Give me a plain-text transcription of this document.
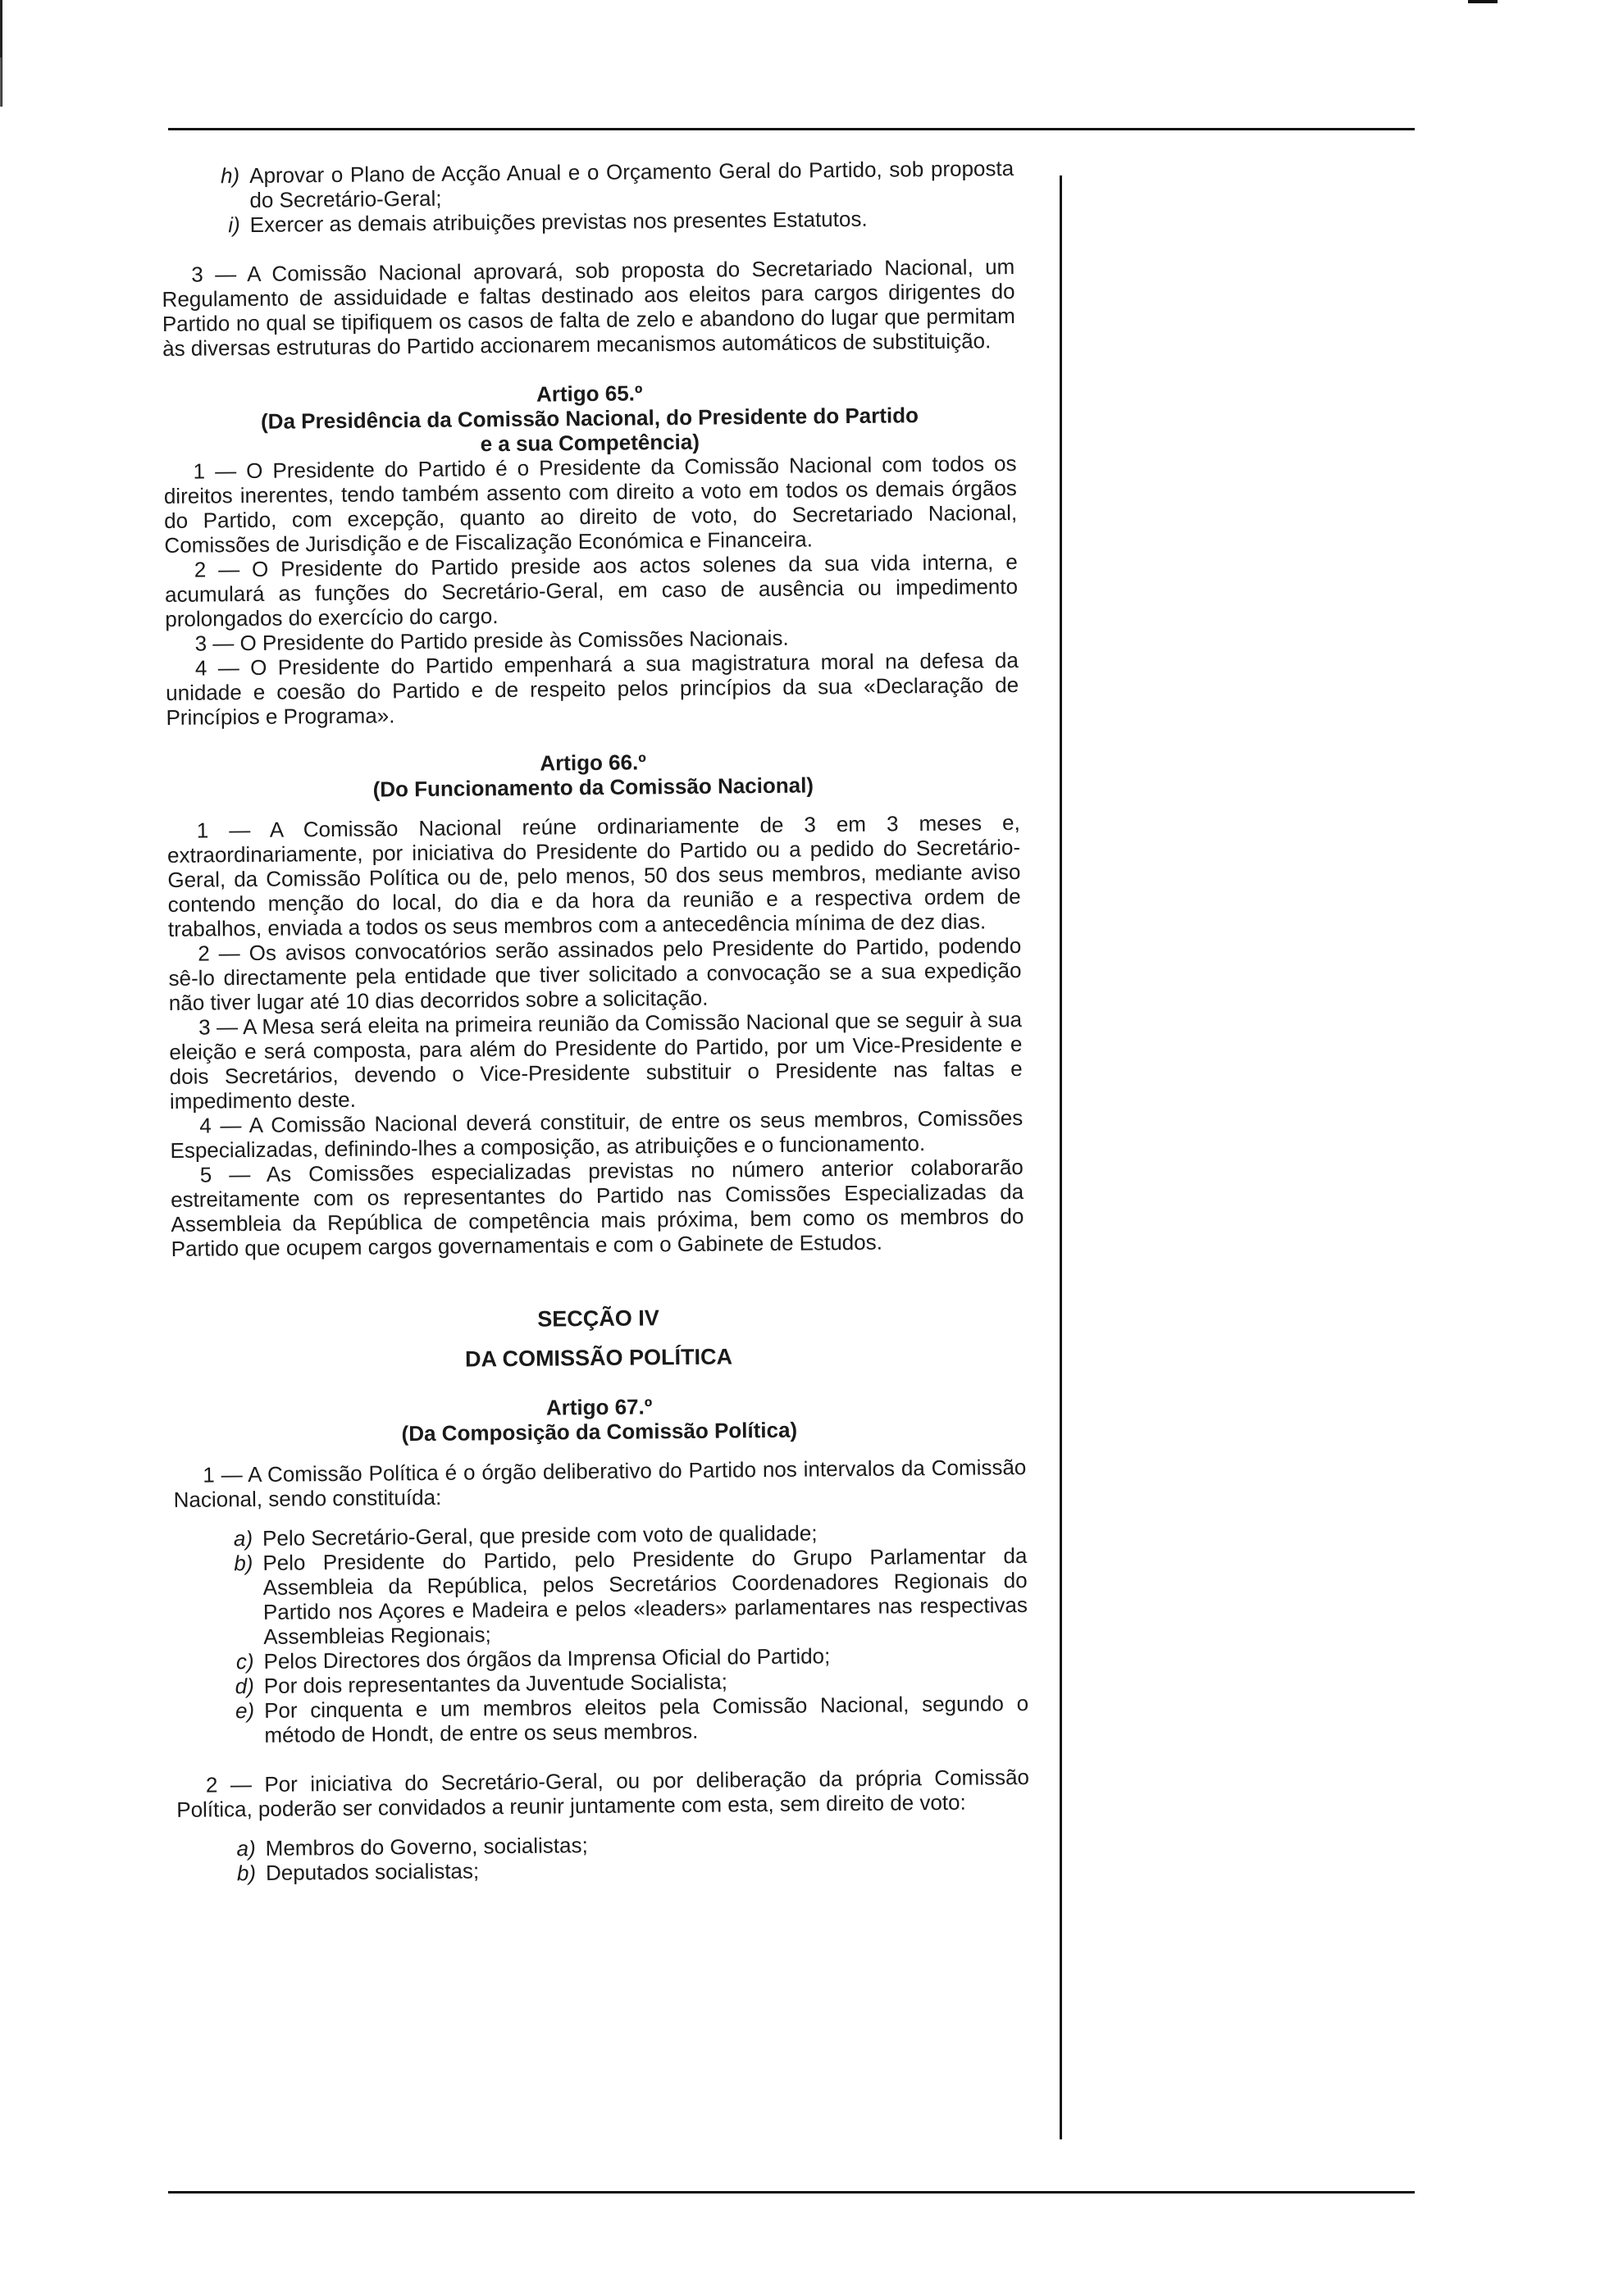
h) Aprovar o Plano de Acção Anual e o Orçamento Geral do Partido, sob proposta do Secretário-Geral;
i) Exercer as demais atribuições previstas nos presentes Estatutos.

3 — A Comissão Nacional aprovará, sob proposta do Secretariado Nacional, um Regulamento de assiduidade e faltas destinado aos eleitos para cargos dirigentes do Partido no qual se tipifiquem os casos de falta de zelo e abandono do lugar que permitam às diversas estruturas do Partido accionarem mecanismos automáticos de substituição.

Artigo 65.º

(Da Presidência da Comissão Nacional, do Presidente do Partido

e a sua Competência)

1 — O Presidente do Partido é o Presidente da Comissão Nacional com todos os direitos inerentes, tendo também assento com direito a voto em todos os demais órgãos do Partido, com excepção, quanto ao direito de voto, do Secretariado Nacional, Comissões de Jurisdição e de Fiscalização Económica e Financeira.

2 — O Presidente do Partido preside aos actos solenes da sua vida interna, e acumulará as funções do Secretário-Geral, em caso de ausência ou impedimento prolongados do exercício do cargo.

3 — O Presidente do Partido preside às Comissões Nacionais.

4 — O Presidente do Partido empenhará a sua magistratura moral na defesa da unidade e coesão do Partido e de respeito pelos princípios da sua «Declaração de Princípios e Programa».

Artigo 66.º

(Do Funcionamento da Comissão Nacional)

1 — A Comissão Nacional reúne ordinariamente de 3 em 3 meses e, extraordinariamente, por iniciativa do Presidente do Partido ou a pedido do Secretário-Geral, da Comissão Política ou de, pelo menos, 50 dos seus membros, mediante aviso contendo menção do local, do dia e da hora da reunião e a respectiva ordem de trabalhos, enviada a todos os seus membros com a antecedência mínima de dez dias.

2 — Os avisos convocatórios serão assinados pelo Presidente do Partido, podendo sê-lo directamente pela entidade que tiver solicitado a convocação se a sua expedição não tiver lugar até 10 dias decorridos sobre a solicitação.

3 — A Mesa será eleita na primeira reunião da Comissão Nacional que se seguir à sua eleição e será composta, para além do Presidente do Partido, por um Vice-Presidente e dois Secretários, devendo o Vice-Presidente substituir o Presidente nas faltas e impedimento deste.

4 — A Comissão Nacional deverá constituir, de entre os seus membros, Comissões Especializadas, definindo-lhes a composição, as atribuições e o funcionamento.

5 — As Comissões especializadas previstas no número anterior colaborarão estreitamente com os representantes do Partido nas Comissões Especializadas da Assembleia da República de competência mais próxima, bem como os membros do Partido que ocupem cargos governamentais e com o Gabinete de Estudos.

SECÇÃO IV

DA COMISSÃO POLÍTICA

Artigo 67.º

(Da Composição da Comissão Política)

1 — A Comissão Política é o órgão deliberativo do Partido nos intervalos da Comissão Nacional, sendo constituída:

a) Pelo Secretário-Geral, que preside com voto de qualidade;
b) Pelo Presidente do Partido, pelo Presidente do Grupo Parlamentar da Assembleia da República, pelos Secretários Coordenadores Regionais do Partido nos Açores e Madeira e pelos «leaders» parlamentares nas respectivas Assembleias Regionais;
c) Pelos Directores dos órgãos da Imprensa Oficial do Partido;
d) Por dois representantes da Juventude Socialista;
e) Por cinquenta e um membros eleitos pela Comissão Nacional, segundo o método de Hondt, de entre os seus membros.

2 — Por iniciativa do Secretário-Geral, ou por deliberação da própria Comissão Política, poderão ser convidados a reunir juntamente com esta, sem direito de voto:

a) Membros do Governo, socialistas;
b) Deputados socialistas;
